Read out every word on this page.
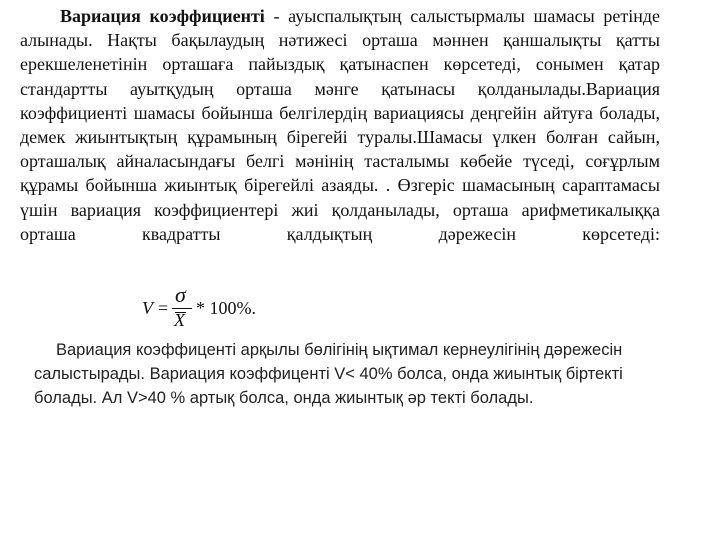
Вариация коэффициенті - ауыспалықтың салыстырмалы шамасы ретінде алынады. Нақты бақылаудың нәтижесі орташа мәннен қаншалықты қатты ерекшеленетінін орташаға пайыздық қатынаспен көрсетеді, сонымен қатар стандартты ауытқудың орташа мәнге қатынасы қолданылады.Вариация коэффициенті шамасы бойынша белгілердің вариациясы деңгейін айтуға болады, демек жиынтықтың құрамының бірегейі туралы.Шамасы үлкен болған сайын, орташалық айналасындағы белгі мәнінің тасталымы көбейе түседі, соғұрлым құрамы бойынша жиынтық бірегейлі азаяды. . Өзгеріс шамасының сараптамасы үшін вариация коэффициентері жиі қолданылады, орташа арифметикалыққа орташа квадратты қалдықтың дәрежесін көрсетеді:
V =
σ
X
* 100%.
Вариация коэффиценті арқылы бөлігінің ықтимал кернеулігінің дәрежесін салыстырады. Вариация коэффиценті V< 40% болса, онда жиынтық біртекті болады. Ал V>40 % артық болса, онда жиынтық әр текті болады.
